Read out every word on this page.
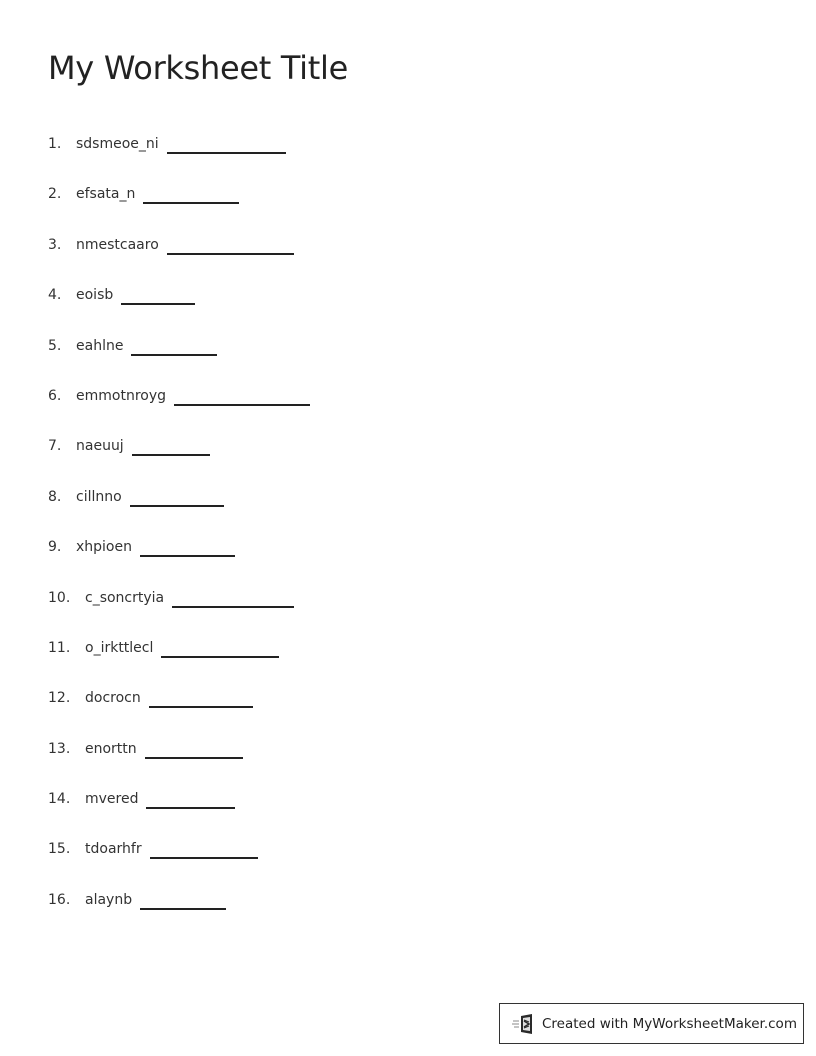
My Worksheet Title
1.	sdsmeoe_ni
2.	efsata_n
3.	nmestcaaro
4.	eoisb
5.	eahlne
6.	emmotnroyg
7.	naeuuj
8.	cillnno
9.	xhpioen
10.	c_soncrtyia
11.	o_irkttlecl
12.	docrocn
13.	enorttn
14.	mvered
15.	tdoarhfr
16.	alaynb
Created with MyWorksheetMaker.com
